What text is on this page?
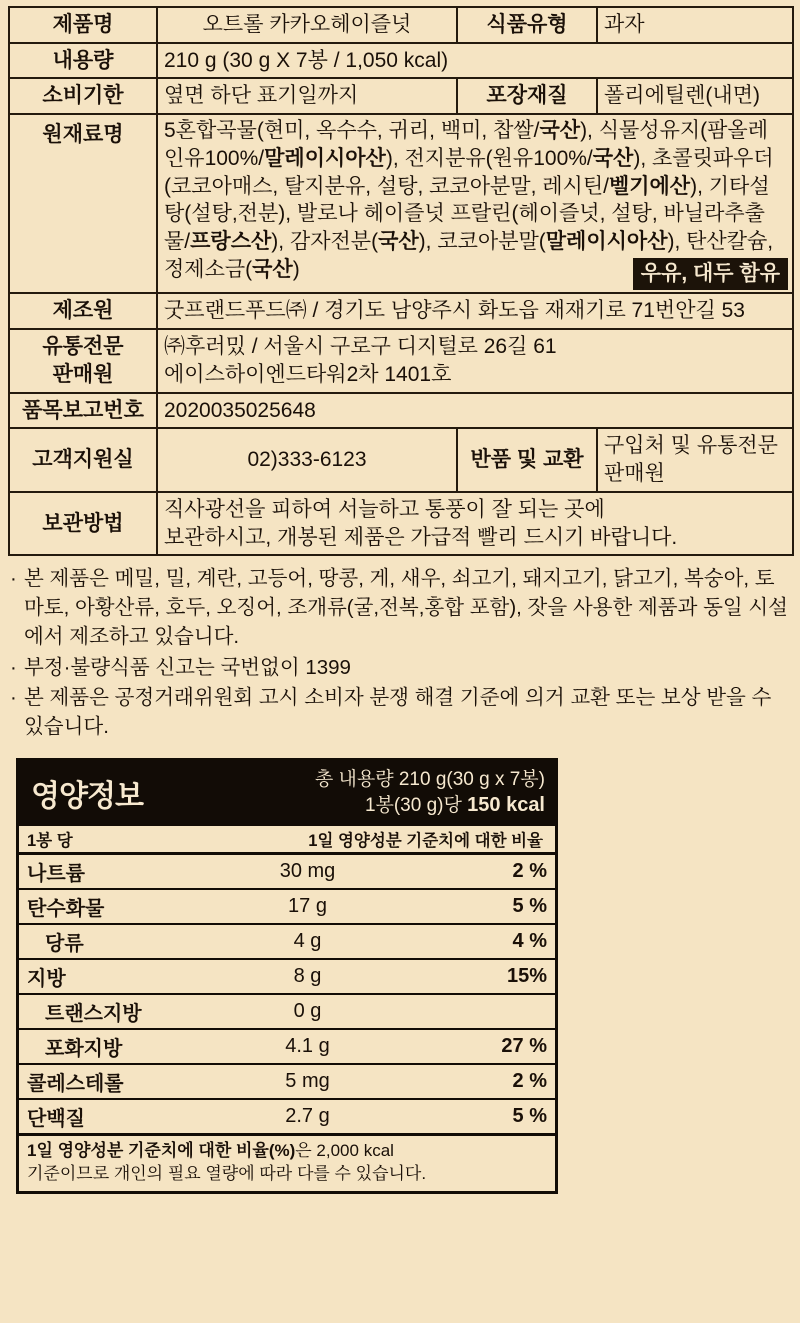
제품명	오트롤 카카오헤이즐넛	식품유형	과자
내용량	210 g (30 g X 7봉 / 1,050 kcal)		
소비기한	옆면 하단 표기일까지	포장재질	폴리에틸렌(내면)
원재료명	5혼합곡물(현미, 옥수수, 귀리, 백미, 찹쌀/국산), 식물성유지(팜올레인유100%/말레이시아산), 전지분유(원유100%/국산), 초콜릿파우더(코코아매스, 탈지분유, 설탕, 코코아분말, 레시틴/벨기에산), 기타설탕(설탕,전분), 발로나 헤이즐넛 프랄린(헤이즐넛, 설탕, 바닐라추출물/프랑스산), 감자전분(국산), 코코아분말(말레이시아산), 탄산칼슘, 정제소금(국산) 우유, 대두 함유		

제조원	굿프랜드푸드㈜ / 경기도 남양주시 화도읍 재재기로 71번안길 53		

유통전문
판매원	㈜후러밌 / 서울시 구로구 디지털로 26길 61
에이스하이엔드타워2차 1401호		

품목보고번호	2020035025648		
고객지원실	02)333-6123	반품 및 교환	구입처 및 유통전문판매원
보관방법	직사광선을 피하여 서늘하고 통풍이 잘 되는 곳에
보관하시고, 개봉된 제품은 가급적 빨리 드시기 바랍니다.		

· 본 제품은 메밀, 밀, 계란, 고등어, 땅콩, 게, 새우, 쇠고기, 돼지고기, 닭고기, 복숭아, 토마토, 아황산류, 호두, 오징어, 조개류(굴,전복,홍합 포함), 잣을 사용한 제품과 동일 시설에서 제조하고 있습니다.

· 부정·불량식품 신고는 국번없이 1399

· 본 제품은 공정거래위원회 고시 소비자 분쟁 해결 기준에 의거 교환 또는 보상 받을 수 있습니다.

영양정보
총 내용량 210 g(30 g x 7봉)
1봉(30 g)당 150 kcal
1봉 당	1일 영양성분 기준치에 대한 비율	
나트륨	30 mg	2 %
탄수화물	17 g	5 %
당류	4 g	4 %
지방	8 g	15%
트랜스지방	0 g	
포화지방	4.1 g	27 %
콜레스테롤	5 mg	2 %
단백질	2.7 g	5 %
1일 영양성분 기준치에 대한 비율(%)은 2,000 kcal
기준이므로 개인의 필요 열량에 따라 다를 수 있습니다.
